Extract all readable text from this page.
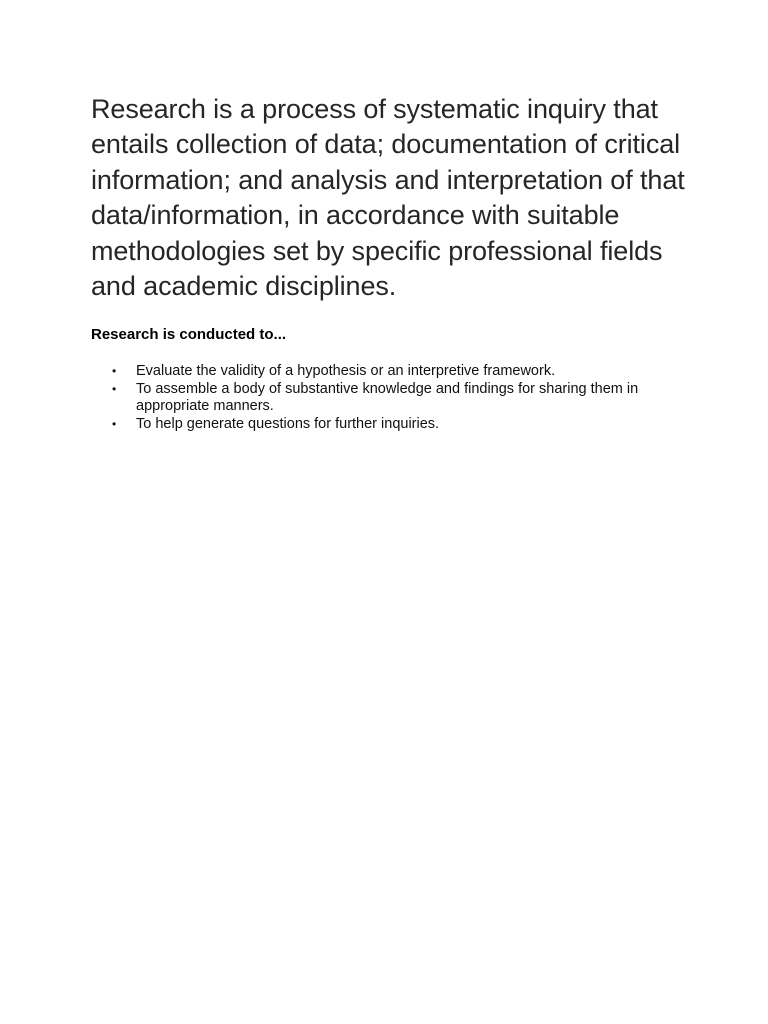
Research is a process of systematic inquiry that entails collection of data; documentation of critical information; and analysis and interpretation of that data/information, in accordance with suitable methodologies set by specific professional fields and academic disciplines.

Research is conducted to...
• Evaluate the validity of a hypothesis or an interpretive framework.
• To assemble a body of substantive knowledge and findings for sharing them in appropriate manners.
• To help generate questions for further inquiries.
